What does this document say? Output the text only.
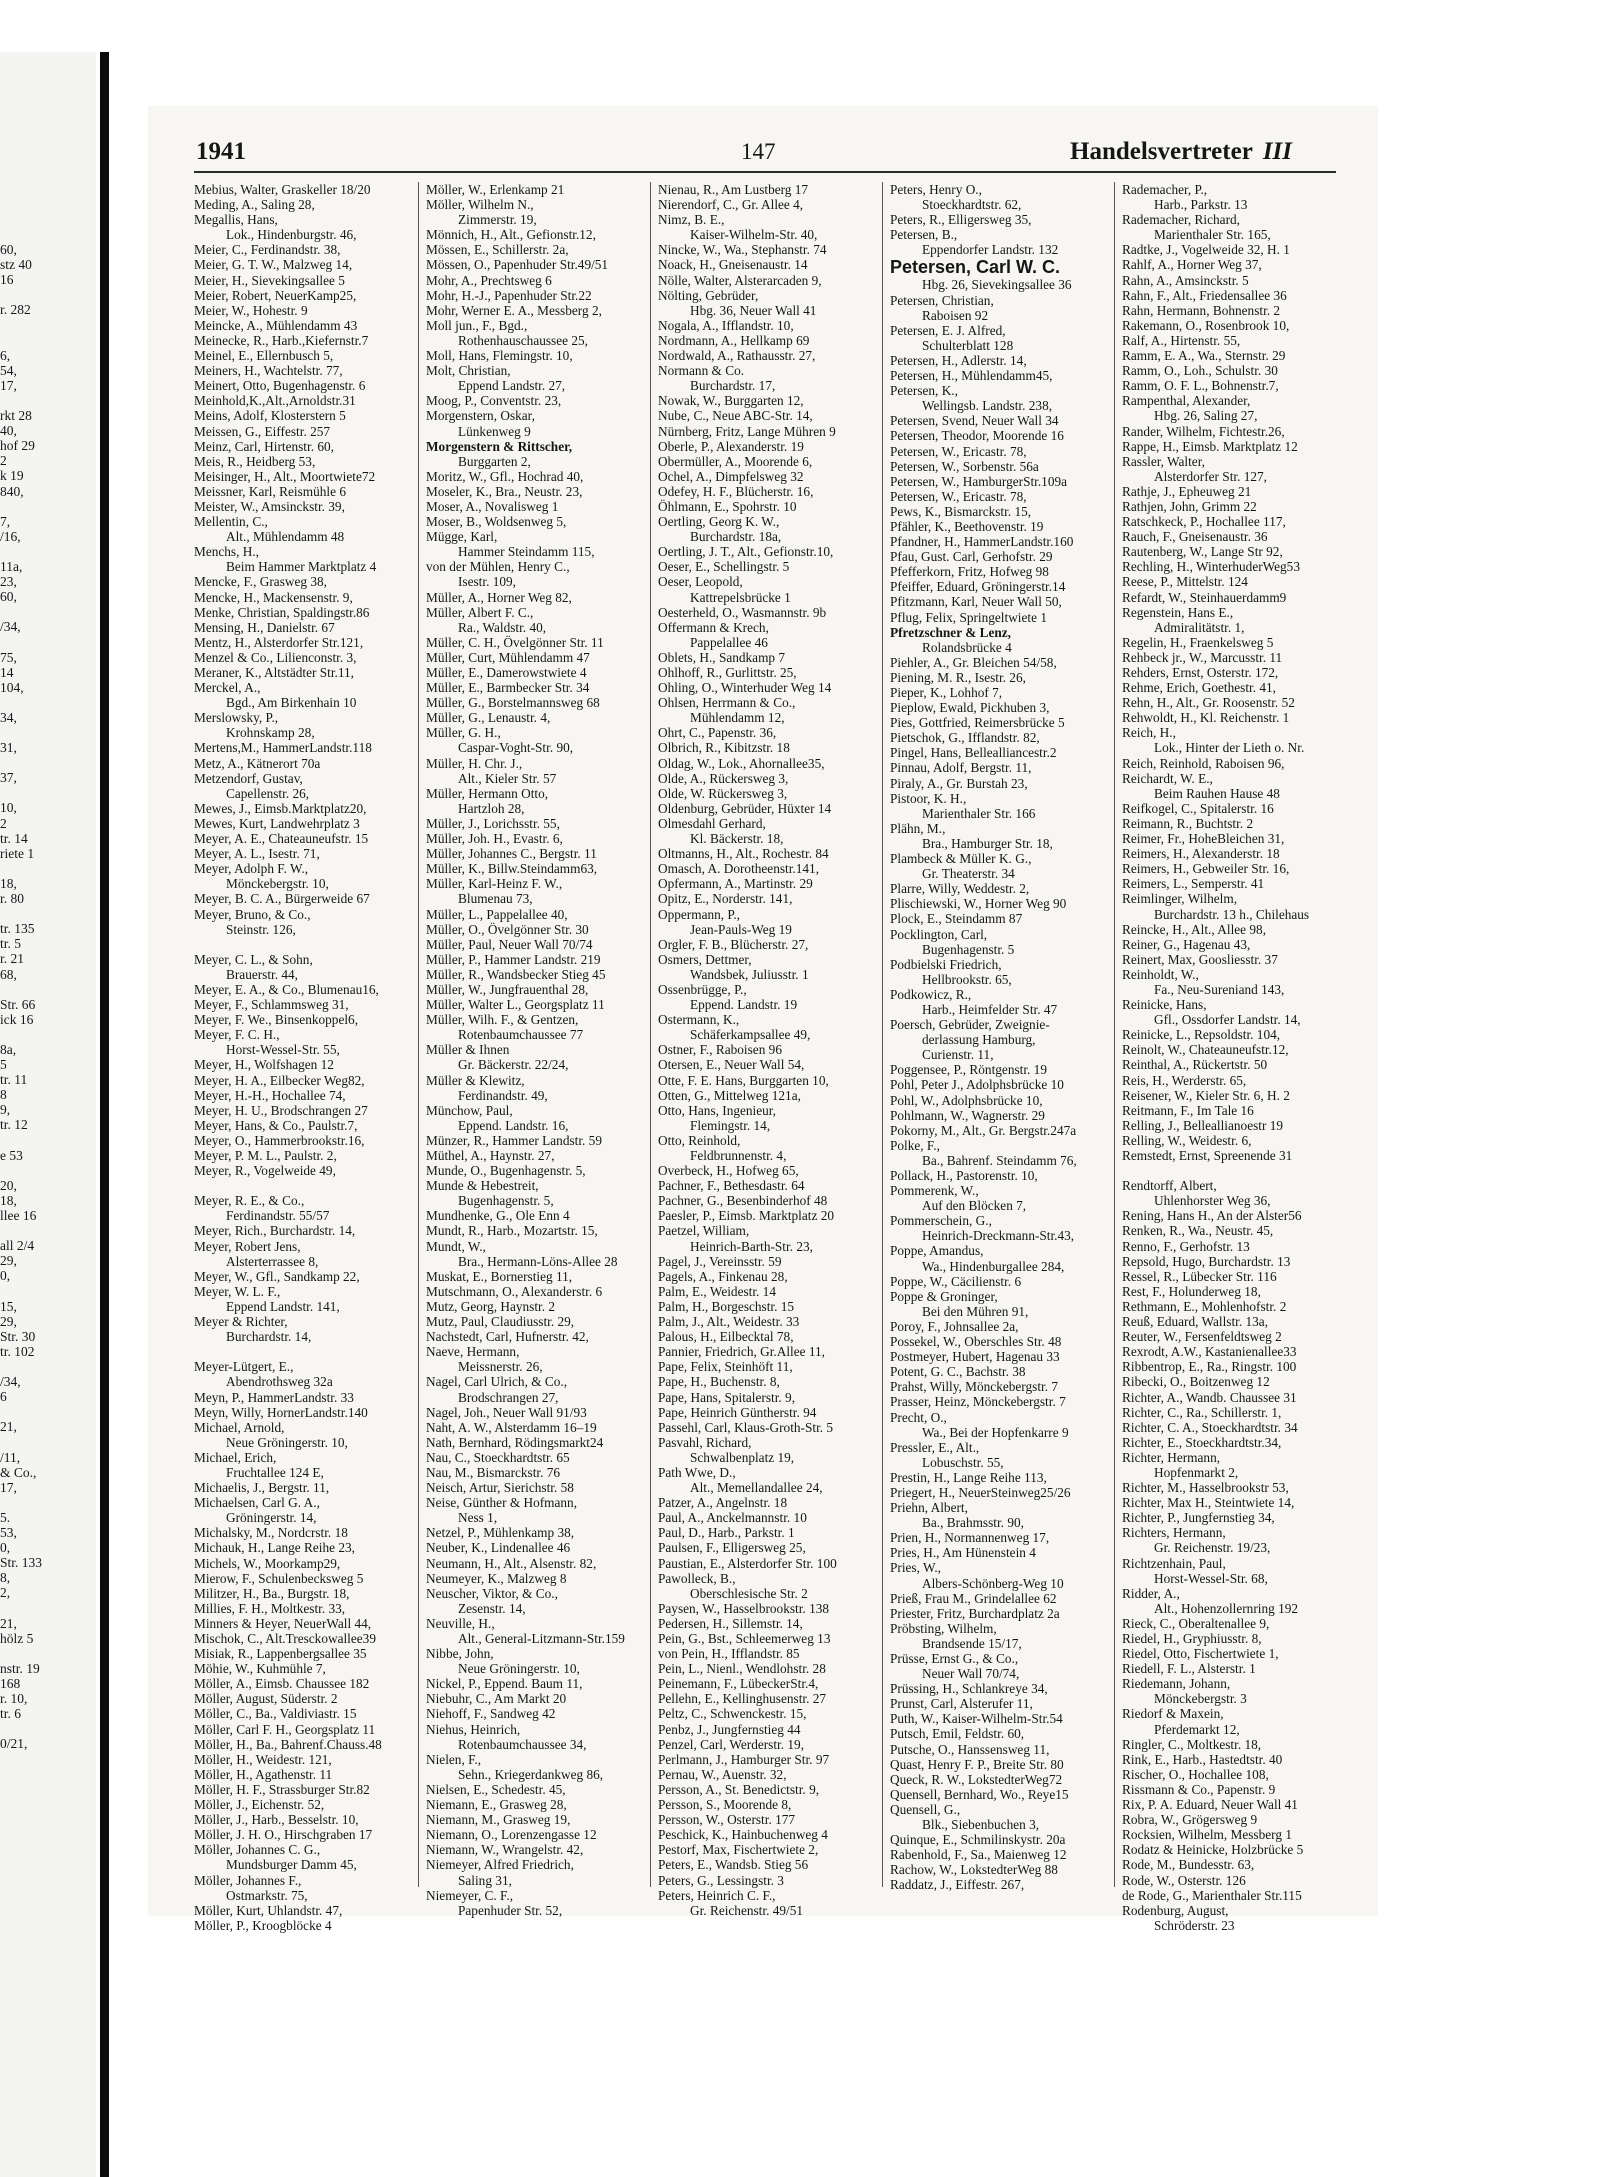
60,
stz 40
16
r. 282
6,
54,
17,
rkt 28
40,
hof 29
2
k 19
840,
7,
/16,
11a,
23,
60,
/34,
75,
14
104,
34,
31,
37,
10,
2
tr. 14
riete 1
18,
r. 80
tr. 135
tr. 5
r. 21
68,
Str. 66
ick 16
8a,
5
tr. 11
8
9,
tr. 12
e 53
20,
18,
llee 16
all 2/4
29,
0,
15,
29,
Str. 30
tr. 102
/34,
6
21,
/11,
& Co.,
17,
5.
53,
0,
Str. 133
8,
2,
21,
hölz 5
nstr. 19
168
r. 10,
tr. 6
0/21,
1941	147	Handelsvertreter III
Mebius, Walter, Graskeller 18/20
Meding, A., Saling 28,
Megallis, Hans,
Lok., Hindenburgstr. 46,
Meier, C., Ferdinandstr. 38,
Meier, G. T. W., Malzweg 14,
Meier, H., Sievekingsallee 5
Meier, Robert, NeuerKamp25,
Meier, W., Hohestr. 9
Meincke, A., Mühlendamm 43
Meinecke, R., Harb.,Kiefernstr.7
Meinel, E., Ellernbusch 5,
Meiners, H., Wachtelstr. 77,
Meinert, Otto, Bugenhagenstr. 6
Meinhold,K.,Alt.,Arnoldstr.31
Meins, Adolf, Klosterstern 5
Meissen, G., Eiffestr. 257
Meinz, Carl, Hirtenstr. 60,
Meis, R., Heidberg 53,
Meisinger, H., Alt., Moortwiete72
Meissner, Karl, Reismühle 6
Meister, W., Amsinckstr. 39,
Mellentin, C.,
Alt., Mühlendamm 48
Menchs, H.,
Beim Hammer Marktplatz 4
Mencke, F., Grasweg 38,
Mencke, H., Mackensenstr. 9,
Menke, Christian, Spaldingstr.86
Mensing, H., Danielstr. 67
Mentz, H., Alsterdorfer Str.121,
Menzel & Co., Lilienconstr. 3,
Meraner, K., Altstädter Str.11,
Merckel, A.,
Bgd., Am Birkenhain 10
Merslowsky, P.,
Krohnskamp 28,
Mertens,M., HammerLandstr.118
Metz, A., Kätnerort 70a
Metzendorf, Gustav,
Capellenstr. 26,
Mewes, J., Eimsb.Marktplatz20,
Mewes, Kurt, Landwehrplatz 3
Meyer, A. E., Chateauneufstr. 15
Meyer, A. L., Isestr. 71,
Meyer, Adolph F. W.,
Mönckebergstr. 10,
Meyer, B. C. A., Bürgerweide 67
Meyer, Bruno, & Co.,
Steinstr. 126,
Meyer, C. L., & Sohn,
Brauerstr. 44,
Meyer, E. A., & Co., Blumenau16,
Meyer, F., Schlammsweg 31,
Meyer, F. We., Binsenkoppel6,
Meyer, F. C. H.,
Horst-Wessel-Str. 55,
Meyer, H., Wolfshagen 12
Meyer, H. A., Eilbecker Weg82,
Meyer, H.-H., Hochallee 74,
Meyer, H. U., Brodschrangen 27
Meyer, Hans, & Co., Paulstr.7,
Meyer, O., Hammerbrookstr.16,
Meyer, P. M. L., Paulstr. 2,
Meyer, R., Vogelweide 49,
Meyer, R. E., & Co.,
Ferdinandstr. 55/57
Meyer, Rich., Burchardstr. 14,
Meyer, Robert Jens,
Alsterterrassee 8,
Meyer, W., Gfl., Sandkamp 22,
Meyer, W. L. F.,
Eppend Landstr. 141,
Meyer & Richter,
Burchardstr. 14,
Meyer-Lütgert, E.,
Abendrothsweg 32a
Meyn, P., HammerLandstr. 33
Meyn, Willy, HornerLandstr.140
Michael, Arnold,
Neue Gröningerstr. 10,
Michael, Erich,
Fruchtallee 124 E,
Michaelis, J., Bergstr. 11,
Michaelsen, Carl G. A.,
Gröningerstr. 14,
Michalsky, M., Nordcrstr. 18
Michauk, H., Lange Reihe 23,
Michels, W., Moorkamp29,
Mierow, F., Schulenbecksweg 5
Militzer, H., Ba., Burgstr. 18,
Millies, F. H., Moltkestr. 33,
Minners & Heyer, NeuerWall 44,
Mischok, C., Alt.Tresckowallee39
Misiak, R., Lappenbergsallee 35
Möhie, W., Kuhmühle 7,
Möller, A., Eimsb. Chaussee 182
Möller, August, Süderstr. 2
Möller, C., Ba., Valdiviastr. 15
Möller, Carl F. H., Georgsplatz 11
Möller, H., Ba., Bahrenf.Chauss.48
Möller, H., Weidestr. 121,
Möller, H., Agathenstr. 11
Möller, H. F., Strassburger Str.82
Möller, J., Eichenstr. 52,
Möller, J., Harb., Besselstr. 10,
Möller, J. H. O., Hirschgraben 17
Möller, Johannes C. G.,
Mundsburger Damm 45,
Möller, Johannes F.,
Ostmarkstr. 75,
Möller, Kurt, Uhlandstr. 47,
Möller, P., Kroogblöcke 4
Möller, W., Erlenkamp 21
Möller, Wilhelm N.,
Zimmerstr. 19,
Mönnich, H., Alt., Gefionstr.12,
Mössen, E., Schillerstr. 2a,
Mössen, O., Papenhuder Str.49/51
Mohr, A., Prechtsweg 6
Mohr, H.-J., Papenhuder Str.22
Mohr, Werner E. A., Messberg 2,
Moll jun., F., Bgd.,
Rothenhauschaussee 25,
Moll, Hans, Flemingstr. 10,
Molt, Christian,
Eppend Landstr. 27,
Moog, P., Conventstr. 23,
Morgenstern, Oskar,
Lünkenweg 9
Morgenstern & Rittscher,
Burggarten 2,
Moritz, W., Gfl., Hochrad 40,
Moseler, K., Bra., Neustr. 23,
Moser, A., Novalisweg 1
Moser, B., Woldsenweg 5,
Mügge, Karl,
Hammer Steindamm 115,
von der Mühlen, Henry C.,
Isestr. 109,
Müller, A., Horner Weg 82,
Müller, Albert F. C.,
Ra., Waldstr. 40,
Müller, C. H., Övelgönner Str. 11
Müller, Curt, Mühlendamm 47
Müller, E., Damerowstwiete 4
Müller, E., Barmbecker Str. 34
Müller, G., Borstelmannsweg 68
Müller, G., Lenaustr. 4,
Müller, G. H.,
Caspar-Voght-Str. 90,
Müller, H. Chr. J.,
Alt., Kieler Str. 57
Müller, Hermann Otto,
Hartzloh 28,
Müller, J., Lorichsstr. 55,
Müller, Joh. H., Evastr. 6,
Müller, Johannes C., Bergstr. 11
Müller, K., Billw.Steindamm63,
Müller, Karl-Heinz F. W.,
Blumenau 73,
Müller, L., Pappelallee 40,
Müller, O., Övelgönner Str. 30
Müller, Paul, Neuer Wall 70/74
Müller, P., Hammer Landstr. 219
Müller, R., Wandsbecker Stieg 45
Müller, W., Jungfrauenthal 28,
Müller, Walter L., Georgsplatz 11
Müller, Wilh. F., & Gentzen,
Rotenbaumchaussee 77
Müller & Ihnen
Gr. Bäckerstr. 22/24,
Müller & Klewitz,
Ferdinandstr. 49,
Münchow, Paul,
Eppend. Landstr. 16,
Münzer, R., Hammer Landstr. 59
Müthel, A., Haynstr. 27,
Munde, O., Bugenhagenstr. 5,
Munde & Hebestreit,
Bugenhagenstr. 5,
Mundhenke, G., Ole Enn 4
Mundt, R., Harb., Mozartstr. 15,
Mundt, W.,
Bra., Hermann-Löns-Allee 28
Muskat, E., Bornerstieg 11,
Mutschmann, O., Alexanderstr. 6
Mutz, Georg, Haynstr. 2
Mutz, Paul, Claudiusstr. 29,
Nachstedt, Carl, Hufnerstr. 42,
Naeve, Hermann,
Meissnerstr. 26,
Nagel, Carl Ulrich, & Co.,
Brodschrangen 27,
Nagel, Joh., Neuer Wall 91/93
Naht, A. W., Alsterdamm 16–19
Nath, Bernhard, Rödingsmarkt24
Nau, C., Stoeckhardtstr. 65
Nau, M., Bismarckstr. 76
Neisch, Artur, Sierichstr. 58
Neise, Günther & Hofmann,
Ness 1,
Netzel, P., Mühlenkamp 38,
Neuber, K., Lindenallee 46
Neumann, H., Alt., Alsenstr. 82,
Neumeyer, K., Malzweg 8
Neuscher, Viktor, & Co.,
Zesenstr. 14,
Neuville, H.,
Alt., General-Litzmann-Str.159
Nibbe, John,
Neue Gröningerstr. 10,
Nickel, P., Eppend. Baum 11,
Niebuhr, C., Am Markt 20
Niehoff, F., Sandweg 42
Niehus, Heinrich,
Rotenbaumchaussee 34,
Nielen, F.,
Sehn., Kriegerdankweg 86,
Nielsen, E., Schedestr. 45,
Niemann, E., Grasweg 28,
Niemann, M., Grasweg 19,
Niemann, O., Lorenzengasse 12
Niemann, W., Wrangelstr. 42,
Niemeyer, Alfred Friedrich,
Saling 31,
Niemeyer, C. F.,
Papenhuder Str. 52,
Nienau, R., Am Lustberg 17
Nierendorf, C., Gr. Allee 4,
Nimz, B. E.,
Kaiser-Wilhelm-Str. 40,
Nincke, W., Wa., Stephanstr. 74
Noack, H., Gneisenaustr. 14
Nölle, Walter, Alsterarcaden 9,
Nölting, Gebrüder,
Hbg. 36, Neuer Wall 41
Nogala, A., Ifflandstr. 10,
Nordmann, A., Hellkamp 69
Nordwald, A., Rathausstr. 27,
Normann & Co.
Burchardstr. 17,
Nowak, W., Burggarten 12,
Nube, C., Neue ABC-Str. 14,
Nürnberg, Fritz, Lange Mühren 9
Oberle, P., Alexanderstr. 19
Obermüller, A., Moorende 6,
Ochel, A., Dimpfelsweg 32
Odefey, H. F., Blücherstr. 16,
Öhlmann, E., Spohrstr. 10
Oertling, Georg K. W.,
Burchardstr. 18a,
Oertling, J. T., Alt., Gefionstr.10,
Oeser, E., Schellingstr. 5
Oeser, Leopold,
Kattrepelsbrücke 1
Oesterheld, O., Wasmannstr. 9b
Offermann & Krech,
Pappelallee 46
Oblets, H., Sandkamp 7
Ohlhoff, R., Gurlittstr. 25,
Ohling, O., Winterhuder Weg 14
Ohlsen, Herrmann & Co.,
Mühlendamm 12,
Ohrt, C., Papenstr. 36,
Olbrich, R., Kibitzstr. 18
Oldag, W., Lok., Ahornallee35,
Olde, A., Rückersweg 3,
Olde, W. Rückersweg 3,
Oldenburg, Gebrüder, Hüxter 14
Olmesdahl Gerhard,
Kl. Bäckerstr. 18,
Oltmanns, H., Alt., Rochestr. 84
Omasch, A. Dorotheenstr.141,
Opfermann, A., Martinstr. 29
Opitz, E., Norderstr. 141,
Oppermann, P.,
Jean-Pauls-Weg 19
Orgler, F. B., Blücherstr. 27,
Osmers, Dettmer,
Wandsbek, Juliusstr. 1
Ossenbrügge, P.,
Eppend. Landstr. 19
Ostermann, K.,
Schäferkampsallee 49,
Ostner, F., Raboisen 96
Otersen, E., Neuer Wall 54,
Otte, F. E. Hans, Burggarten 10,
Otten, G., Mittelweg 121a,
Otto, Hans, Ingenieur,
Flemingstr. 14,
Otto, Reinhold,
Feldbrunnenstr. 4,
Overbeck, H., Hofweg 65,
Pachner, F., Bethesdastr. 64
Pachner, G., Besenbinderhof 48
Paesler, P., Eimsb. Marktplatz 20
Paetzel, William,
Heinrich-Barth-Str. 23,
Pagel, J., Vereinsstr. 59
Pagels, A., Finkenau 28,
Palm, E., Weidestr. 14
Palm, H., Borgeschstr. 15
Palm, J., Alt., Weidestr. 33
Palous, H., Eilbecktal 78,
Pannier, Friedrich, Gr.Allee 11,
Pape, Felix, Steinhöft 11,
Pape, H., Buchenstr. 8,
Pape, Hans, Spitalerstr. 9,
Pape, Heinrich Güntherstr. 94
Passehl, Carl, Klaus-Groth-Str. 5
Pasvahl, Richard,
Schwalbenplatz 19,
Path Wwe, D.,
Alt., Memellandallee 24,
Patzer, A., Angelnstr. 18
Paul, A., Anckelmannstr. 10
Paul, D., Harb., Parkstr. 1
Paulsen, F., Elligersweg 25,
Paustian, E., Alsterdorfer Str. 100
Pawolleck, B.,
Oberschlesische Str. 2
Paysen, W., Hasselbrookstr. 138
Pedersen, H., Sillemstr. 14,
Pein, G., Bst., Schleemerweg 13
von Pein, H., Ifflandstr. 85
Pein, L., Nienl., Wendlohstr. 28
Peinemann, F., LübeckerStr.4,
Pellehn, E., Kellinghusenstr. 27
Peltz, C., Schwenckestr. 15,
Penbz, J., Jungfernstieg 44
Penzel, Carl, Werderstr. 19,
Perlmann, J., Hamburger Str. 97
Pernau, W., Auenstr. 32,
Persson, A., St. Benedictstr. 9,
Persson, S., Moorende 8,
Persson, W., Osterstr. 177
Peschick, K., Hainbuchenweg 4
Pestorf, Max, Fischertwiete 2,
Peters, E., Wandsb. Stieg 56
Peters, G., Lessingstr. 3
Peters, Heinrich C. F.,
Gr. Reichenstr. 49/51
Peters, Henry O.,
Stoeckhardtstr. 62,
Peters, R., Elligersweg 35,
Petersen, B.,
Eppendorfer Landstr. 132
Petersen, Carl W. C.
Hbg. 26, Sievekingsallee 36
Petersen, Christian,
Raboisen 92
Petersen, E. J. Alfred,
Schulterblatt 128
Petersen, H., Adlerstr. 14,
Petersen, H., Mühlendamm45,
Petersen, K.,
Wellingsb. Landstr. 238,
Petersen, Svend, Neuer Wall 34
Petersen, Theodor, Moorende 16
Petersen, W., Ericastr. 78,
Petersen, W., Sorbenstr. 56a
Petersen, W., HamburgerStr.109a
Petersen, W., Ericastr. 78,
Pews, K., Bismarckstr. 15,
Pfähler, K., Beethovenstr. 19
Pfandner, H., HammerLandstr.160
Pfau, Gust. Carl, Gerhofstr. 29
Pfefferkorn, Fritz, Hofweg 98
Pfeiffer, Eduard, Gröningerstr.14
Pfitzmann, Karl, Neuer Wall 50,
Pflug, Felix, Springeltwiete 1
Pfretzschner & Lenz,
Rolandsbrücke 4
Piehler, A., Gr. Bleichen 54/58,
Piening, M. R., Isestr. 26,
Pieper, K., Lohhof 7,
Pieplow, Ewald, Pickhuben 3,
Pies, Gottfried, Reimersbrücke 5
Pietschok, G., Ifflandstr. 82,
Pingel, Hans, Bellealliancestr.2
Pinnau, Adolf, Bergstr. 11,
Piraly, A., Gr. Burstah 23,
Pistoor, K. H.,
Marienthaler Str. 166
Plähn, M.,
Bra., Hamburger Str. 18,
Plambeck & Müller K. G.,
Gr. Theaterstr. 34
Plarre, Willy, Weddestr. 2,
Plischiewski, W., Horner Weg 90
Plock, E., Steindamm 87
Pocklington, Carl,
Bugenhagenstr. 5
Podbielski Friedrich,
Hellbrookstr. 65,
Podkowicz, R.,
Harb., Heimfelder Str. 47
Poersch, Gebrüder, Zweignie-
derlassung Hamburg,
Curienstr. 11,
Poggensee, P., Röntgenstr. 19
Pohl, Peter J., Adolphsbrücke 10
Pohl, W., Adolphsbrücke 10,
Pohlmann, W., Wagnerstr. 29
Pokorny, M., Alt., Gr. Bergstr.247a
Polke, F.,
Ba., Bahrenf. Steindamm 76,
Pollack, H., Pastorenstr. 10,
Pommerenk, W.,
Auf den Blöcken 7,
Pommerschein, G.,
Heinrich-Dreckmann-Str.43,
Poppe, Amandus,
Wa., Hindenburgallee 284,
Poppe, W., Cäcilienstr. 6
Poppe & Groninger,
Bei den Mühren 91,
Poroy, F., Johnsallee 2a,
Possekel, W., Oberschles Str. 48
Postmeyer, Hubert, Hagenau 33
Potent, G. C., Bachstr. 38
Prahst, Willy, Mönckebergstr. 7
Prasser, Heinz, Mönckebergstr. 7
Precht, O.,
Wa., Bei der Hopfenkarre 9
Pressler, E., Alt.,
Lobuschstr. 55,
Prestin, H., Lange Reihe 113,
Priegert, H., NeuerSteinweg25/26
Priehn, Albert,
Ba., Brahmsstr. 90,
Prien, H., Normannenweg 17,
Pries, H., Am Hünenstein 4
Pries, W.,
Albers-Schönberg-Weg 10
Prieß, Frau M., Grindelallee 62
Priester, Fritz, Burchardplatz 2a
Pröbsting, Wilhelm,
Brandsende 15/17,
Prüsse, Ernst G., & Co.,
Neuer Wall 70/74,
Prüssing, H., Schlankreye 34,
Prunst, Carl, Alsterufer 11,
Puth, W., Kaiser-Wilhelm-Str.54
Putsch, Emil, Feldstr. 60,
Putsche, O., Hanssensweg 11,
Quast, Henry F. P., Breite Str. 80
Queck, R. W., LokstedterWeg72
Quensell, Bernhard, Wo., Reye15
Quensell, G.,
Blk., Siebenbuchen 3,
Quinque, E., Schmilinskystr. 20a
Rabenhold, F., Sa., Maienweg 12
Rachow, W., LokstedterWeg 88
Raddatz, J., Eiffestr. 267,
Rademacher, P.,
Harb., Parkstr. 13
Rademacher, Richard,
Marienthaler Str. 165,
Radtke, J., Vogelweide 32, H. 1
Rahlf, A., Horner Weg 37,
Rahn, A., Amsinckstr. 5
Rahn, F., Alt., Friedensallee 36
Rahn, Hermann, Bohnenstr. 2
Rakemann, O., Rosenbrook 10,
Ralf, A., Hirtenstr. 55,
Ramm, E. A., Wa., Sternstr. 29
Ramm, O., Loh., Schulstr. 30
Ramm, O. F. L., Bohnenstr.7,
Rampenthal, Alexander,
Hbg. 26, Saling 27,
Rander, Wilhelm, Fichtestr.26,
Rappe, H., Eimsb. Marktplatz 12
Rassler, Walter,
Alsterdorfer Str. 127,
Rathje, J., Epheuweg 21
Rathjen, John, Grimm 22
Ratschkeck, P., Hochallee 117,
Rauch, F., Gneisenaustr. 36
Rautenberg, W., Lange Str 92,
Rechling, H., WinterhuderWeg53
Reese, P., Mittelstr. 124
Refardt, W., Steinhauerdamm9
Regenstein, Hans E.,
Admiralitätstr. 1,
Regelin, H., Fraenkelsweg 5
Rehbeck jr., W., Marcusstr. 11
Rehders, Ernst, Osterstr. 172,
Rehme, Erich, Goethestr. 41,
Rehn, H., Alt., Gr. Roosenstr. 52
Rehwoldt, H., Kl. Reichenstr. 1
Reich, H.,
Lok., Hinter der Lieth o. Nr.
Reich, Reinhold, Raboisen 96,
Reichardt, W. E.,
Beim Rauhen Hause 48
Reifkogel, C., Spitalerstr. 16
Reimann, R., Buchtstr. 2
Reimer, Fr., HoheBleichen 31,
Reimers, H., Alexanderstr. 18
Reimers, H., Gebweiler Str. 16,
Reimers, L., Semperstr. 41
Reimlinger, Wilhelm,
Burchardstr. 13 h., Chilehaus
Reincke, H., Alt., Allee 98,
Reiner, G., Hagenau 43,
Reinert, Max, Goosliesstr. 37
Reinholdt, W.,
Fa., Neu-Sureniand 143,
Reinicke, Hans,
Gfl., Ossdorfer Landstr. 14,
Reinicke, L., Repsoldstr. 104,
Reinolt, W., Chateauneufstr.12,
Reinthal, A., Rückertstr. 50
Reis, H., Werderstr. 65,
Reisener, W., Kieler Str. 6, H. 2
Reitmann, F., Im Tale 16
Relling, J., Belleallianoestr 19
Relling, W., Weidestr. 6,
Remstedt, Ernst, Spreenende 31
Rendtorff, Albert,
Uhlenhorster Weg 36,
Rening, Hans H., An der Alster56
Renken, R., Wa., Neustr. 45,
Renno, F., Gerhofstr. 13
Repsold, Hugo, Burchardstr. 13
Ressel, R., Lübecker Str. 116
Rest, F., Holunderweg 18,
Rethmann, E., Mohlenhofstr. 2
Reuß, Eduard, Wallstr. 13a,
Reuter, W., Fersenfeldtsweg 2
Rexrodt, A.W., Kastanienallee33
Ribbentrop, E., Ra., Ringstr. 100
Ribecki, O., Boitzenweg 12
Richter, A., Wandb. Chaussee 31
Richter, C., Ra., Schillerstr. 1,
Richter, C. A., Stoeckhardtstr. 34
Richter, E., Stoeckhardtstr.34,
Richter, Hermann,
Hopfenmarkt 2,
Richter, M., Hasselbrookstr 53,
Richter, Max H., Steintwiete 14,
Richter, P., Jungfernstieg 34,
Richters, Hermann,
Gr. Reichenstr. 19/23,
Richtzenhain, Paul,
Horst-Wessel-Str. 68,
Ridder, A.,
Alt., Hohenzollernring 192
Rieck, C., Oberaltenallee 9,
Riedel, H., Gryphiusstr. 8,
Riedel, Otto, Fischertwiete 1,
Riedell, F. L., Alsterstr. 1
Riedemann, Johann,
Mönckebergstr. 3
Riedorf & Maxein,
Pferdemarkt 12,
Ringler, C., Moltkestr. 18,
Rink, E., Harb., Hastedtstr. 40
Rischer, O., Hochallee 108,
Rissmann & Co., Papenstr. 9
Rix, P. A. Eduard, Neuer Wall 41
Robra, W., Grögersweg 9
Rocksien, Wilhelm, Messberg 1
Rodatz & Heinicke, Holzbrücke 5
Rode, M., Bundesstr. 63,
Rode, W., Osterstr. 126
de Rode, G., Marienthaler Str.115
Rodenburg, August,
Schröderstr. 23
